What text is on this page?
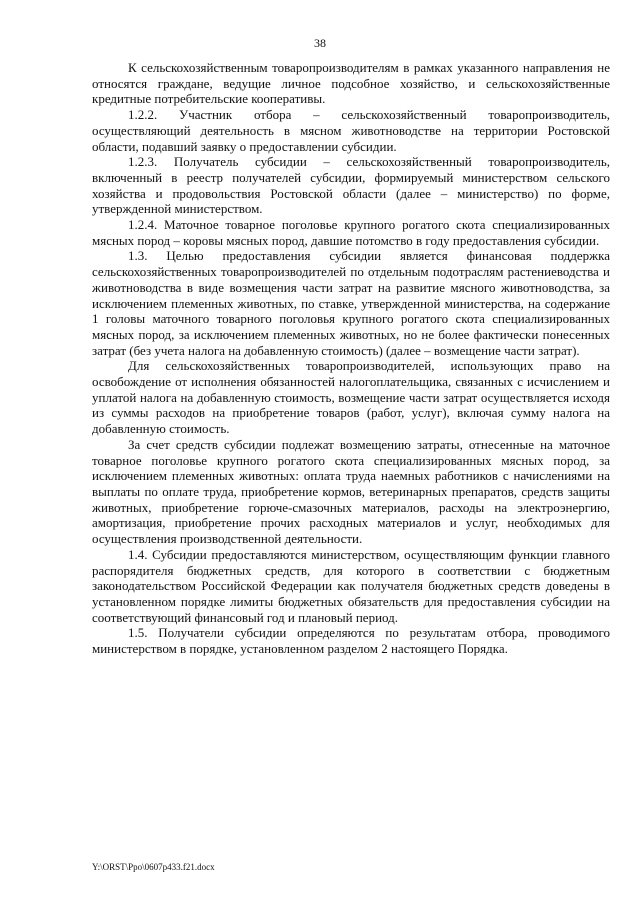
38

К сельскохозяйственным товаропроизводителям в рамках указанного направления не относятся граждане, ведущие личное подсобное хозяйство, и сельскохозяйственные кредитные потребительские кооперативы.

1.2.2. Участник отбора – сельскохозяйственный товаропроизводитель, осуществляющий деятельность в мясном животноводстве на территории Ростовской области, подавший заявку о предоставлении субсидии.

1.2.3. Получатель субсидии – сельскохозяйственный товаропроизводитель, включенный в реестр получателей субсидии, формируемый министерством сельского хозяйства и продовольствия Ростовской области (далее – министерство) по форме, утвержденной министерством.

1.2.4. Маточное товарное поголовье крупного рогатого скота специализированных мясных пород – коровы мясных пород, давшие потомство в году предоставления субсидии.

1.3. Целью предоставления субсидии является финансовая поддержка сельскохозяйственных товаропроизводителей по отдельным подотраслям растениеводства и животноводства в виде возмещения части затрат на развитие мясного животноводства, за исключением племенных животных, по ставке, утвержденной министерства, на содержание 1 головы маточного товарного поголовья крупного рогатого скота специализированных мясных пород, за исключением племенных животных, но не более фактически понесенных затрат (без учета налога на добавленную стоимость) (далее – возмещение части затрат).

Для сельскохозяйственных товаропроизводителей, использующих право на освобождение от исполнения обязанностей налогоплательщика, связанных с исчислением и уплатой налога на добавленную стоимость, возмещение части затрат осуществляется исходя из суммы расходов на приобретение товаров (работ, услуг), включая сумму налога на добавленную стоимость.

За счет средств субсидии подлежат возмещению затраты, отнесенные на маточное товарное поголовье крупного рогатого скота специализированных мясных пород, за исключением племенных животных: оплата труда наемных работников с начислениями на выплаты по оплате труда, приобретение кормов, ветеринарных препаратов, средств защиты животных, приобретение горюче-смазочных материалов, расходы на электроэнергию, амортизация, приобретение прочих расходных материалов и услуг, необходимых для осуществления производственной деятельности.

1.4. Субсидии предоставляются министерством, осуществляющим функции главного распорядителя бюджетных средств, для которого в соответствии с бюджетным законодательством Российской Федерации как получателя бюджетных средств доведены в установленном порядке лимиты бюджетных обязательств для предоставления субсидии на соответствующий финансовый год и плановый период.

1.5. Получатели субсидии определяются по результатам отбора, проводимого министерством в порядке, установленном разделом 2 настоящего Порядка.

Y:\ORST\Ppo\0607p433.f21.docx
